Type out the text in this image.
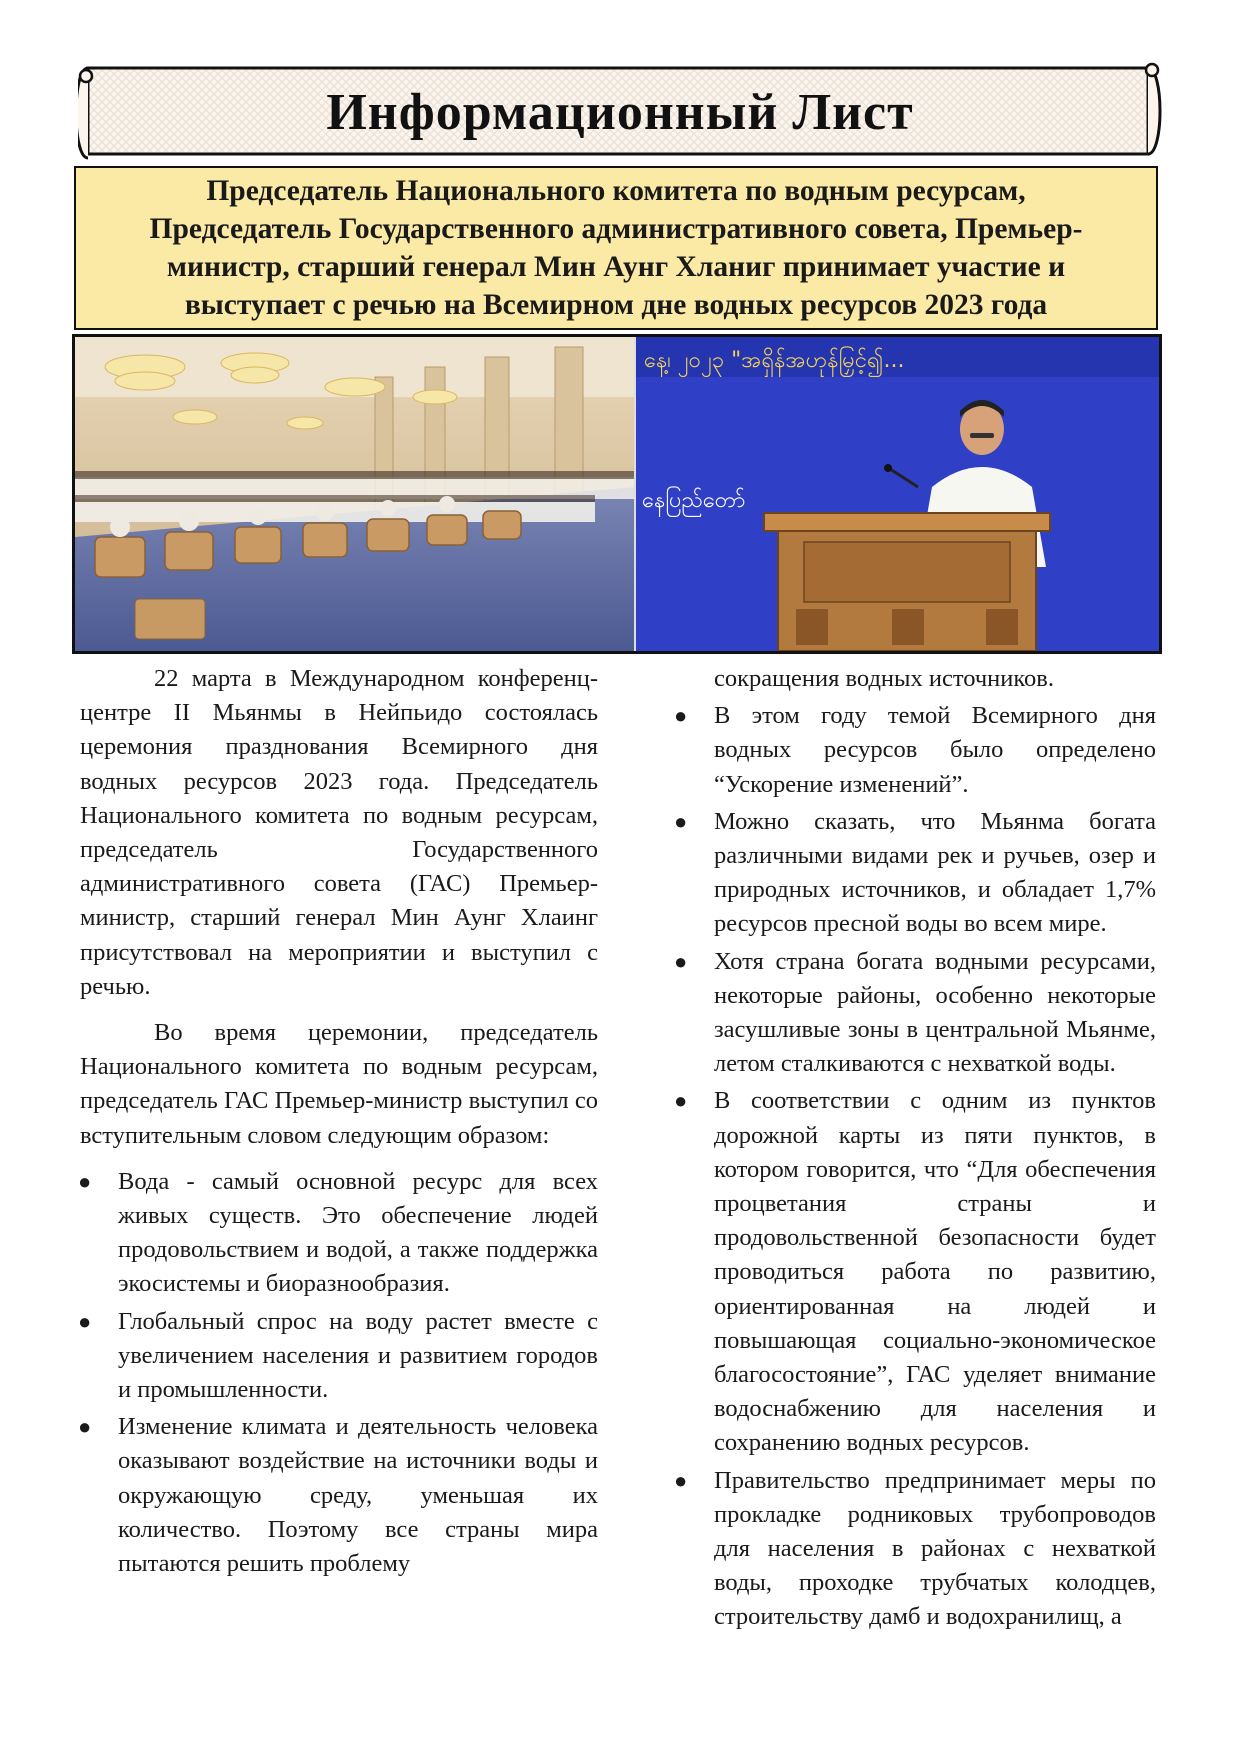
Информационный Лист

Председатель Национального комитета по водным ресурсам,
Председатель Государственного административного совета, Премьер-
министр, старший генерал Мин Аунг Хланиг принимает участие и
выступает с речью на Всемирном дне водных ресурсов 2023 года

နေ့၊ ၂၀၂၃ "အရှိန်အဟုန်မြှင့်၍...
နေပြည်တော်

22 марта в Международном конференц-центре II Мьянмы в Нейпьидо состоялась церемония празднования Всемирного дня водных ресурсов 2023 года. Председатель Национального комитета по водным ресурсам, председатель Государственного административного совета (ГАС) Премьер-министр, старший генерал Мин Аунг Хлаинг присутствовал на мероприятии и выступил с речью.

Во время церемонии, председатель Национального комитета по водным ресурсам, председатель ГАС Премьер-министр выступил со вступительным словом следующим образом:

● Вода - самый основной ресурс для всех живых существ. Это обеспечение людей продовольствием и водой, а также поддержка экосистемы и биоразнообразия.
● Глобальный спрос на воду растет вместе с увеличением населения и развитием городов и промышленности.
● Изменение климата и деятельность человека оказывают воздействие на источники воды и окружающую среду, уменьшая их количество. Поэтому все страны мира пытаются решить проблему
сокращения водных источников.
● В этом году темой Всемирного дня водных ресурсов было определено “Ускорение изменений”.
● Можно сказать, что Мьянма богата различными видами рек и ручьев, озер и природных источников, и обладает 1,7% ресурсов пресной воды во всем мире.
● Хотя страна богата водными ресурсами, некоторые районы, особенно некоторые засушливые зоны в центральной Мьянме, летом сталкиваются с нехваткой воды.
● В соответствии с одним из пунктов дорожной карты из пяти пунктов, в котором говорится, что “Для обеспечения процветания страны и продовольственной безопасности будет проводиться работа по развитию, ориентированная на людей и повышающая социально-экономическое благосостояние”, ГАС уделяет внимание водоснабжению для населения и сохранению водных ресурсов.
● Правительство предпринимает меры по прокладке родниковых трубопроводов для населения в районах с нехваткой воды, проходке трубчатых колодцев, строительству дамб и водохранилищ, а
